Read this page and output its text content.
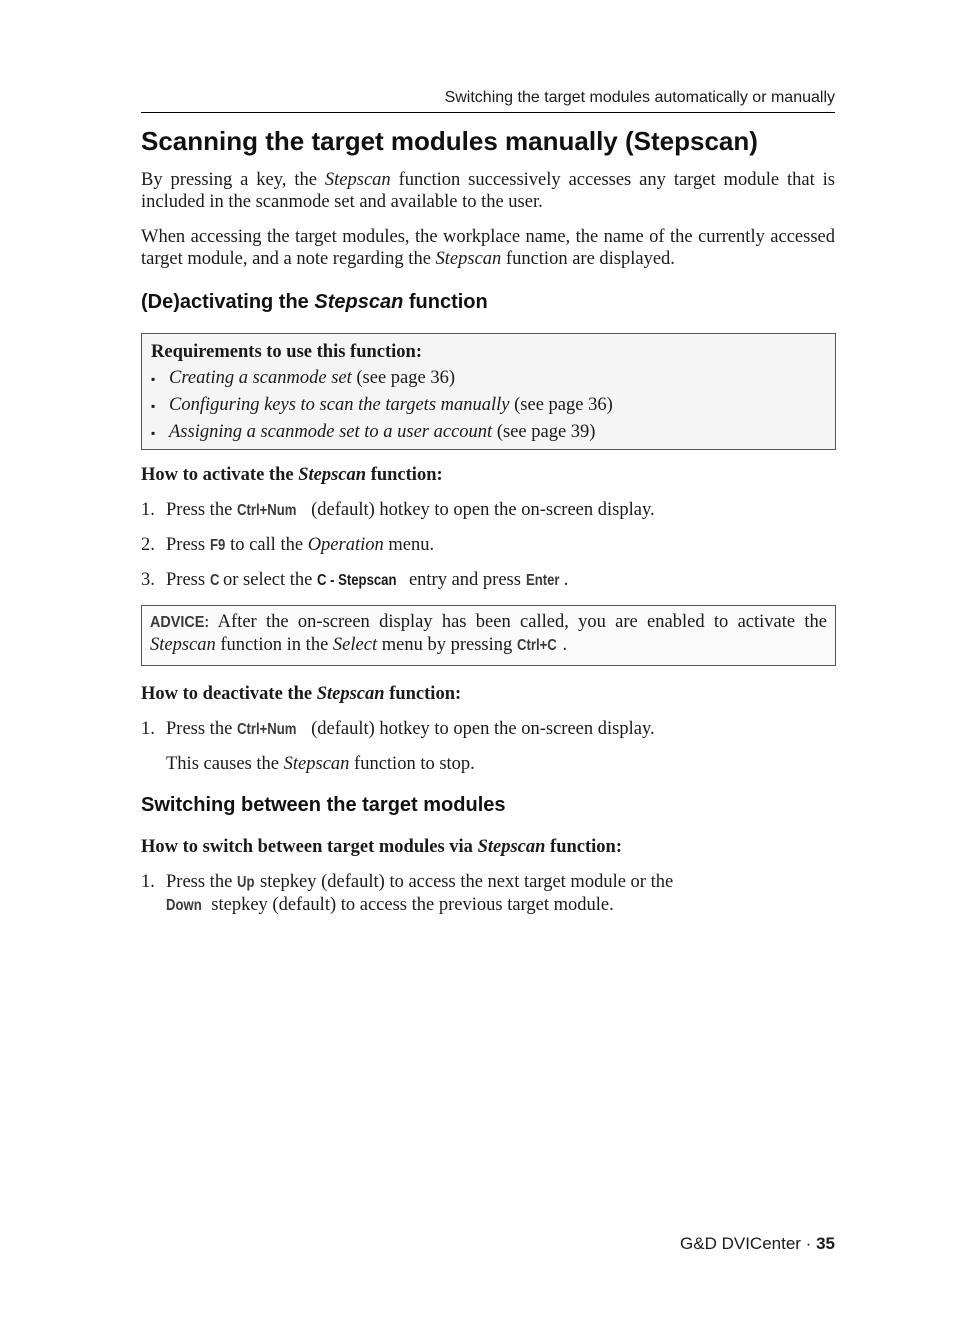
Switching the target modules automatically or manually
Scanning the target modules manually (Stepscan)

By pressing a key, the Stepscan function successively accesses any target module that is included in the scanmode set and available to the user.

When accessing the target modules, the workplace name, the name of the currently accessed target module, and a note regarding the Stepscan function are displayed.

(De)activating the Stepscan function
Requirements to use this function:
▪ Creating a scanmode set (see page 36)
▪ Configuring keys to scan the targets manually (see page 36)
▪ Assigning a scanmode set to a user account (see page 39)

How to activate the Stepscan function:

1. Press the Ctrl+Num (default) hotkey to open the on-screen display.
2. Press F9 to call the Operation menu.
3. Press C or select the C - Stepscan entry and press Enter .
ADVICE: After the on-screen display has been called, you are enabled to activate the Stepscan function in the Select menu by pressing Ctrl+C .

How to deactivate the Stepscan function:

1. Press the Ctrl+Num (default) hotkey to open the on-screen display.

This causes the Stepscan function to stop.

Switching between the target modules

How to switch between target modules via Stepscan function:

1. Press the Up stepkey (default) to access the next target module or the
Down stepkey (default) to access the previous target module.
G&D DVICenter · 35
